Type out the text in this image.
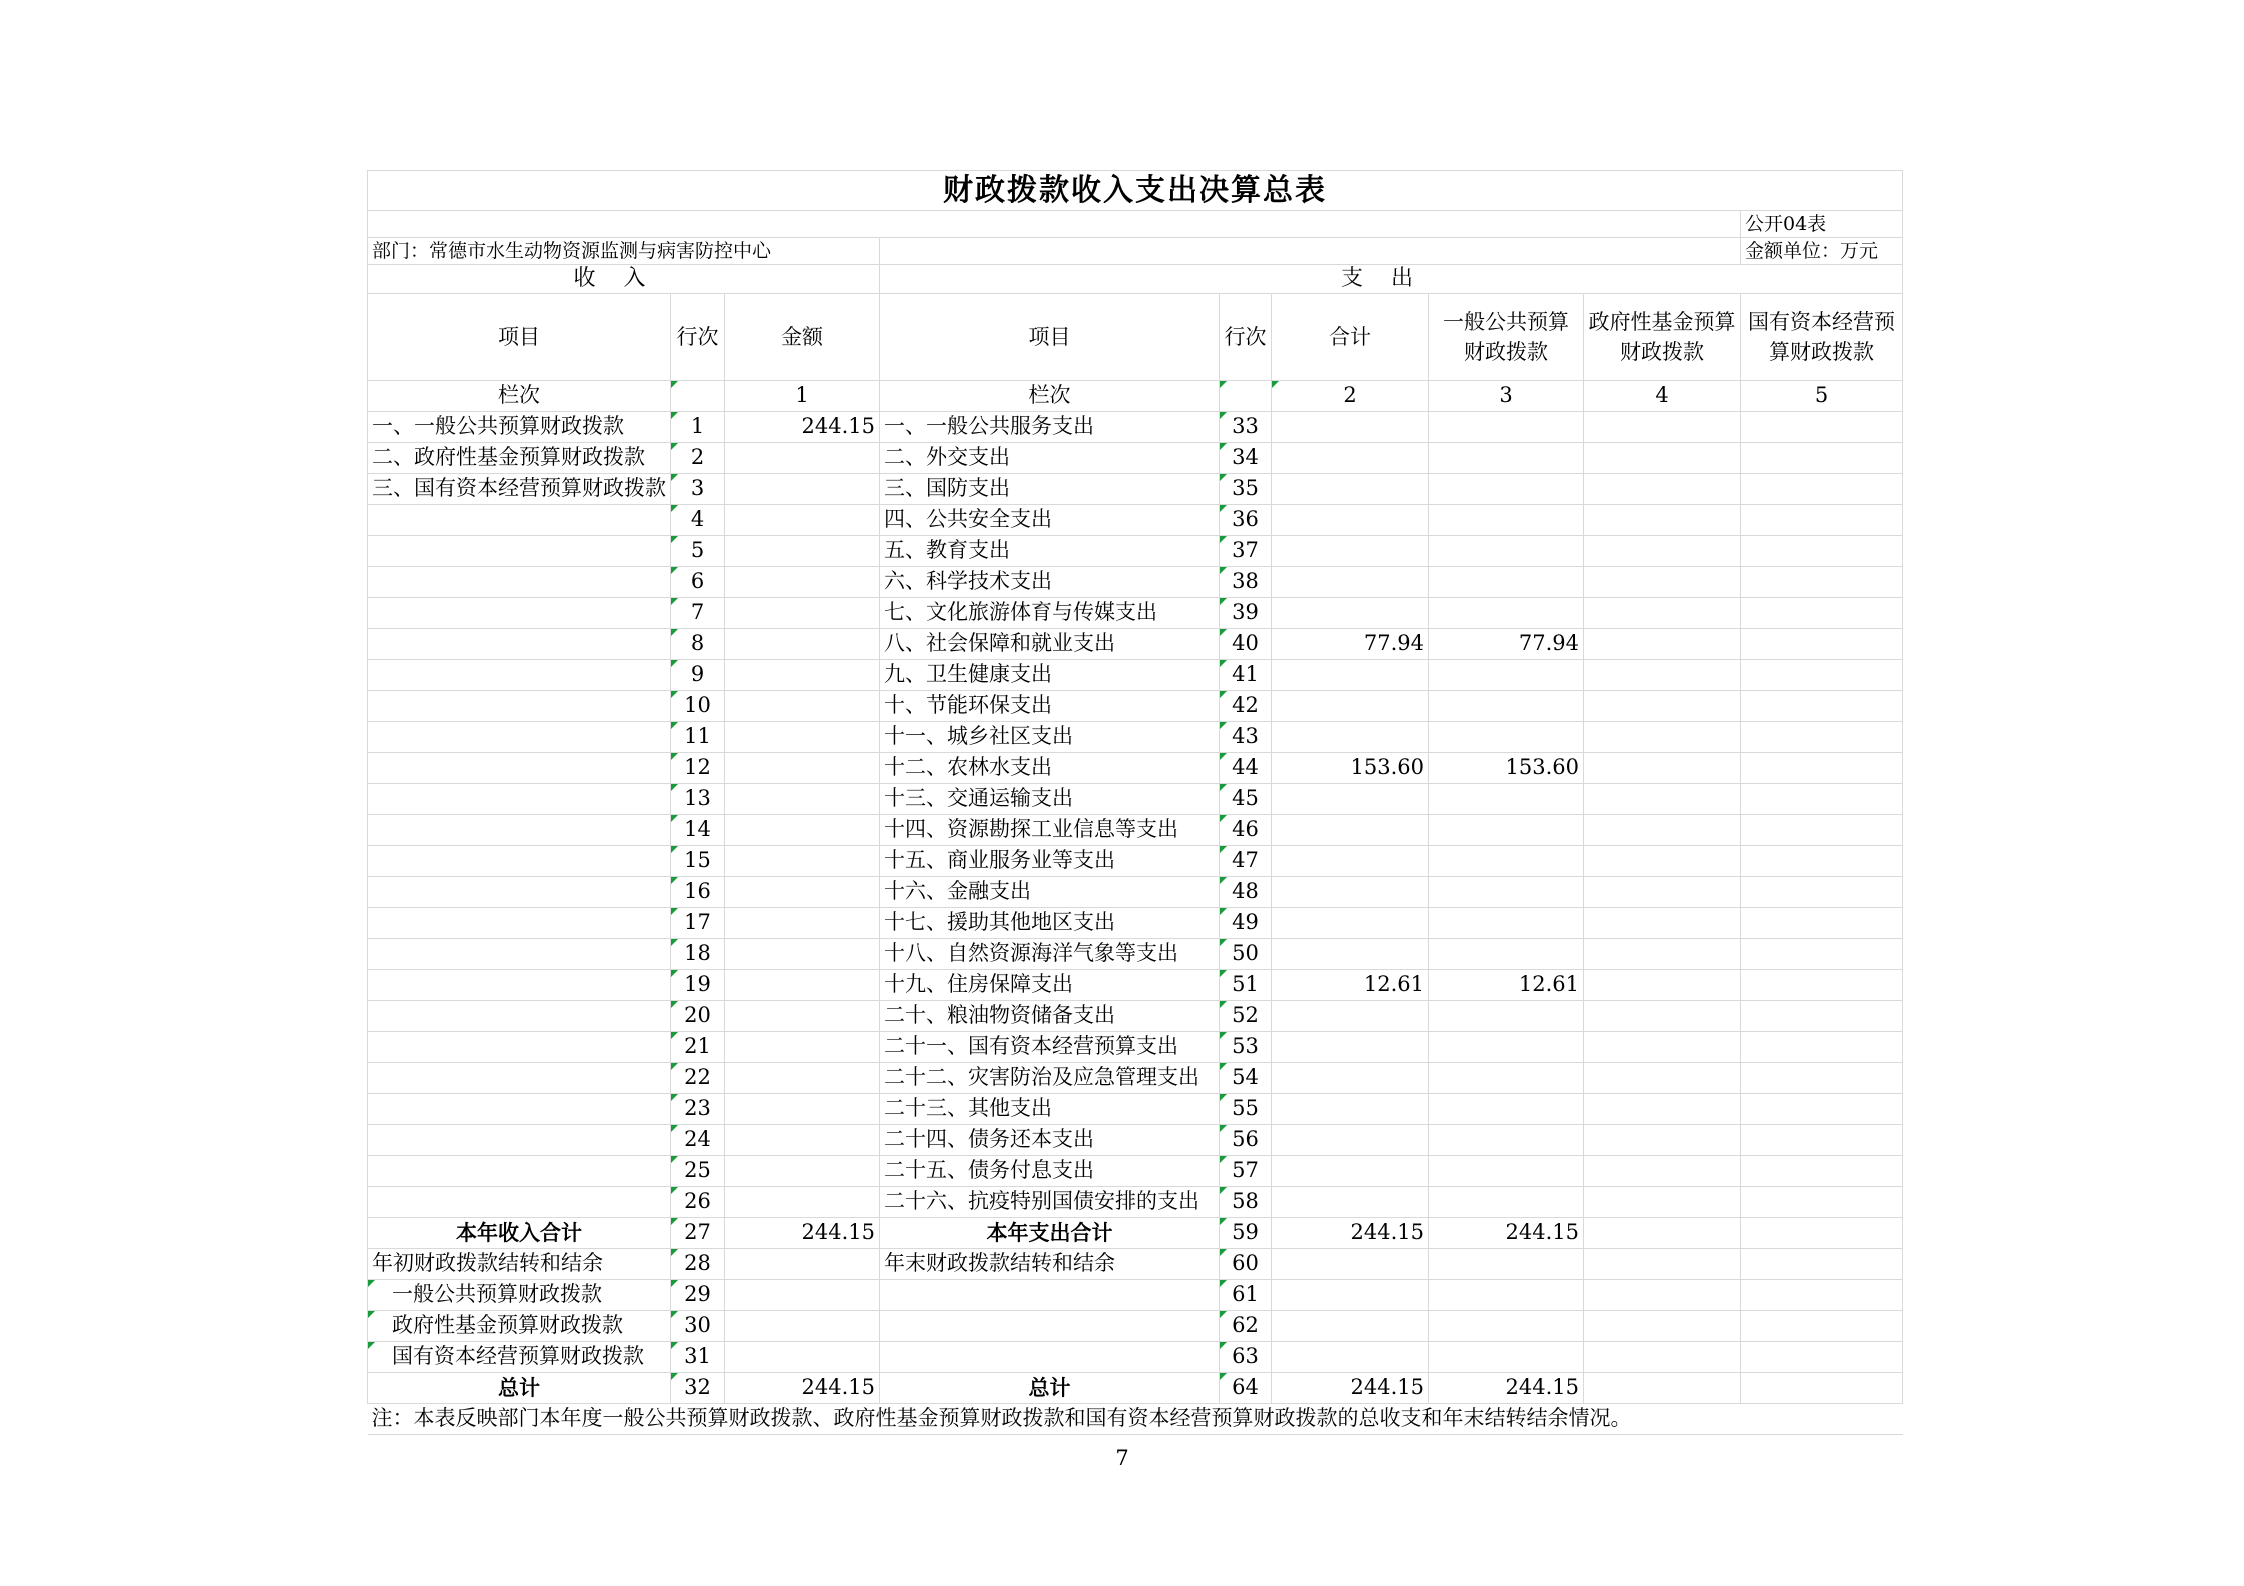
财政拨款收入支出决算总表								
								公开04表
部门：常德市水生动物资源监测与病害防控中心								金额单位：万元
收入			支出					
项目	行次	金额	项目	行次	合计	一般公共预算财政拨款	政府性基金预算财政拨款	国有资本经营预算财政拨款
栏次		1	栏次		2	3	4	5
一、一般公共预算财政拨款	1	244.15	一、一般公共服务支出	33				
二、政府性基金预算财政拨款	2		二、外交支出	34				
三、国有资本经营预算财政拨款	3		三、国防支出	35				
	4		四、公共安全支出	36				
	5		五、教育支出	37				
	6		六、科学技术支出	38				
	7		七、文化旅游体育与传媒支出	39				
	8		八、社会保障和就业支出	40	77.94	77.94		
	9		九、卫生健康支出	41				
	10		十、节能环保支出	42				
	11		十一、城乡社区支出	43				
	12		十二、农林水支出	44	153.60	153.60		
	13		十三、交通运输支出	45				
	14		十四、资源勘探工业信息等支出	46				
	15		十五、商业服务业等支出	47				
	16		十六、金融支出	48				
	17		十七、援助其他地区支出	49				
	18		十八、自然资源海洋气象等支出	50				
	19		十九、住房保障支出	51	12.61	12.61		
	20		二十、粮油物资储备支出	52				
	21		二十一、国有资本经营预算支出	53				
	22		二十二、灾害防治及应急管理支出	54				
	23		二十三、其他支出	55				
	24		二十四、债务还本支出	56				
	25		二十五、债务付息支出	57				
	26		二十六、抗疫特别国债安排的支出	58				
本年收入合计	27	244.15	本年支出合计	59	244.15	244.15		
年初财政拨款结转和结余	28		年末财政拨款结转和结余	60				
一般公共预算财政拨款	29			61				
政府性基金预算财政拨款	30			62				
国有资本经营预算财政拨款	31			63				
总计	32	244.15	总计	64	244.15	244.15		
注：本表反映部门本年度一般公共预算财政拨款、政府性基金预算财政拨款和国有资本经营预算财政拨款的总收支和年末结转结余情况。								
7
